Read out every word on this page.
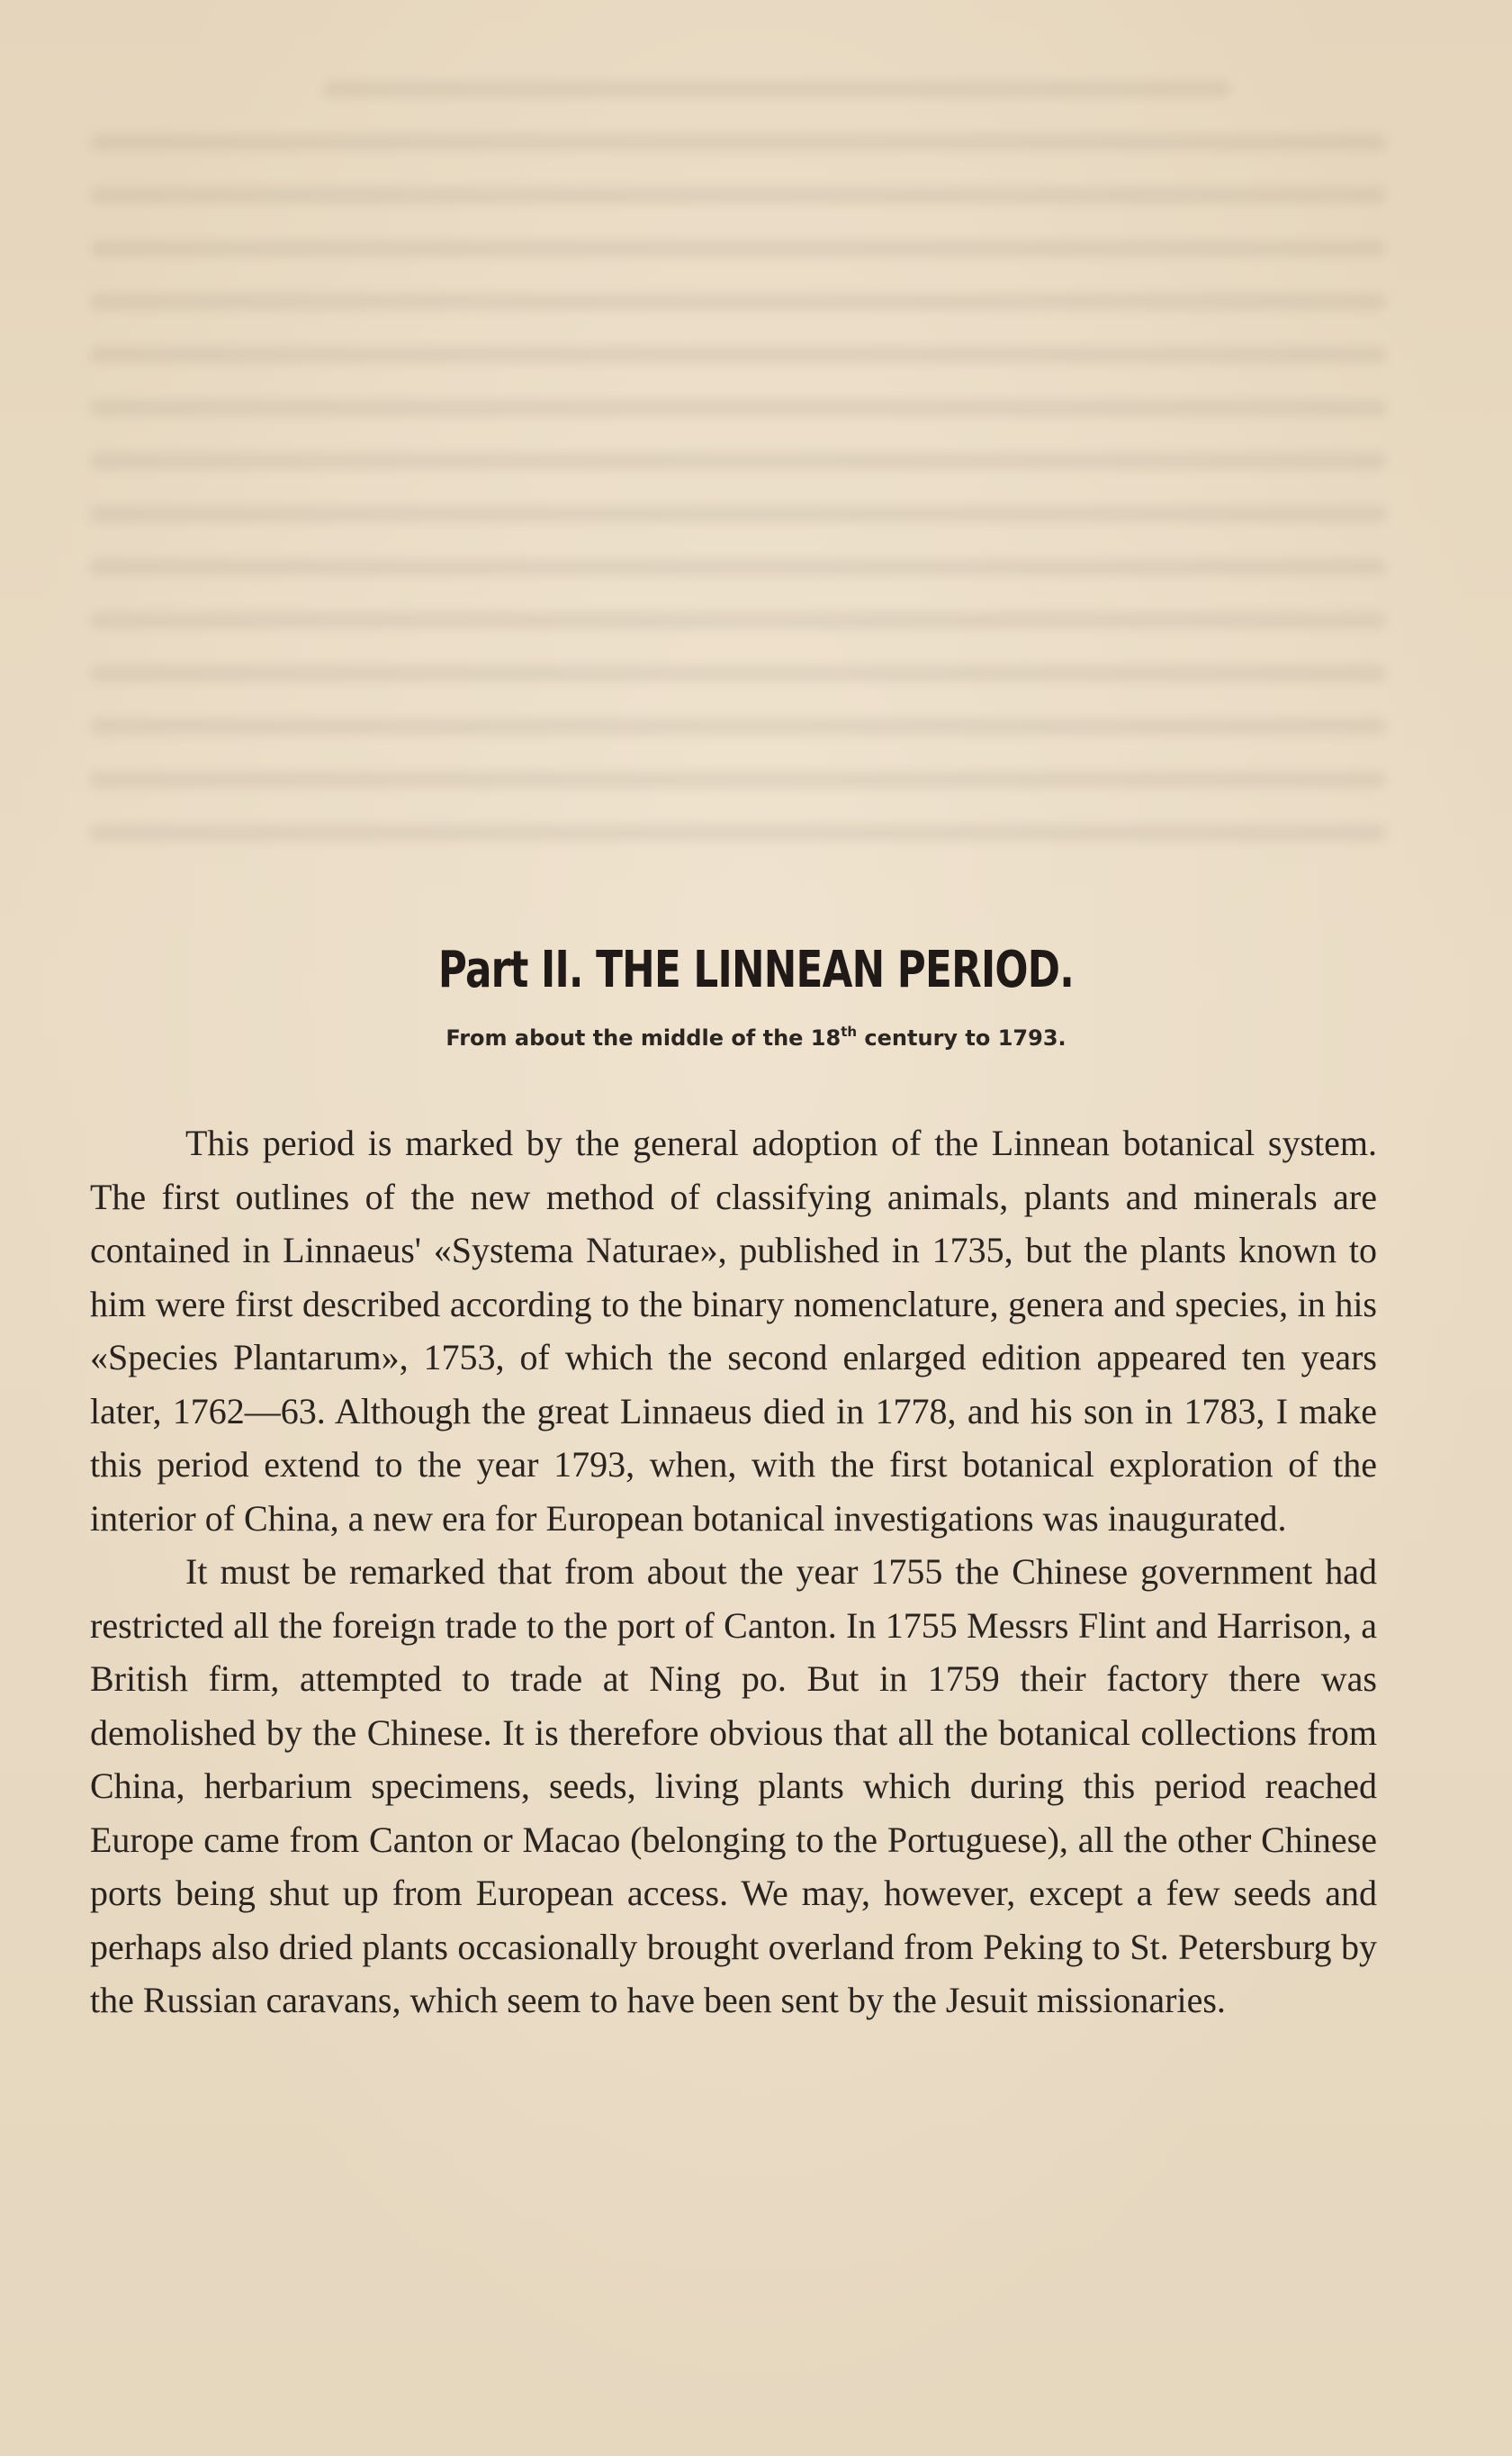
Part II. THE LINNEAN PERIOD.
From about the middle of the 18th century to 1793.

This period is marked by the general adoption of the Linnean botanical system. The first outlines of the new method of classifying animals, plants and minerals are contained in Linnaeus' «Systema Naturae», published in 1735, but the plants known to him were first described according to the binary nomenclature, genera and species, in his «Species Plantarum», 1753, of which the second enlarged edition appeared ten years later, 1762—63. Although the great Linnaeus died in 1778, and his son in 1783, I make this period extend to the year 1793, when, with the first botanical exploration of the interior of China, a new era for European botanical investigations was inaugurated.

It must be remarked that from about the year 1755 the Chinese government had restricted all the foreign trade to the port of Canton. In 1755 Messrs Flint and Harrison, a British firm, attempted to trade at Ning po. But in 1759 their factory there was demolished by the Chinese. It is therefore obvious that all the botanical collections from China, herbarium specimens, seeds, living plants which during this period reached Europe came from Canton or Macao (belonging to the Portuguese), all the other Chinese ports being shut up from European access. We may, however, except a few seeds and perhaps also dried plants occasionally brought overland from Peking to St. Petersburg by the Russian caravans, which seem to have been sent by the Jesuit missionaries.
